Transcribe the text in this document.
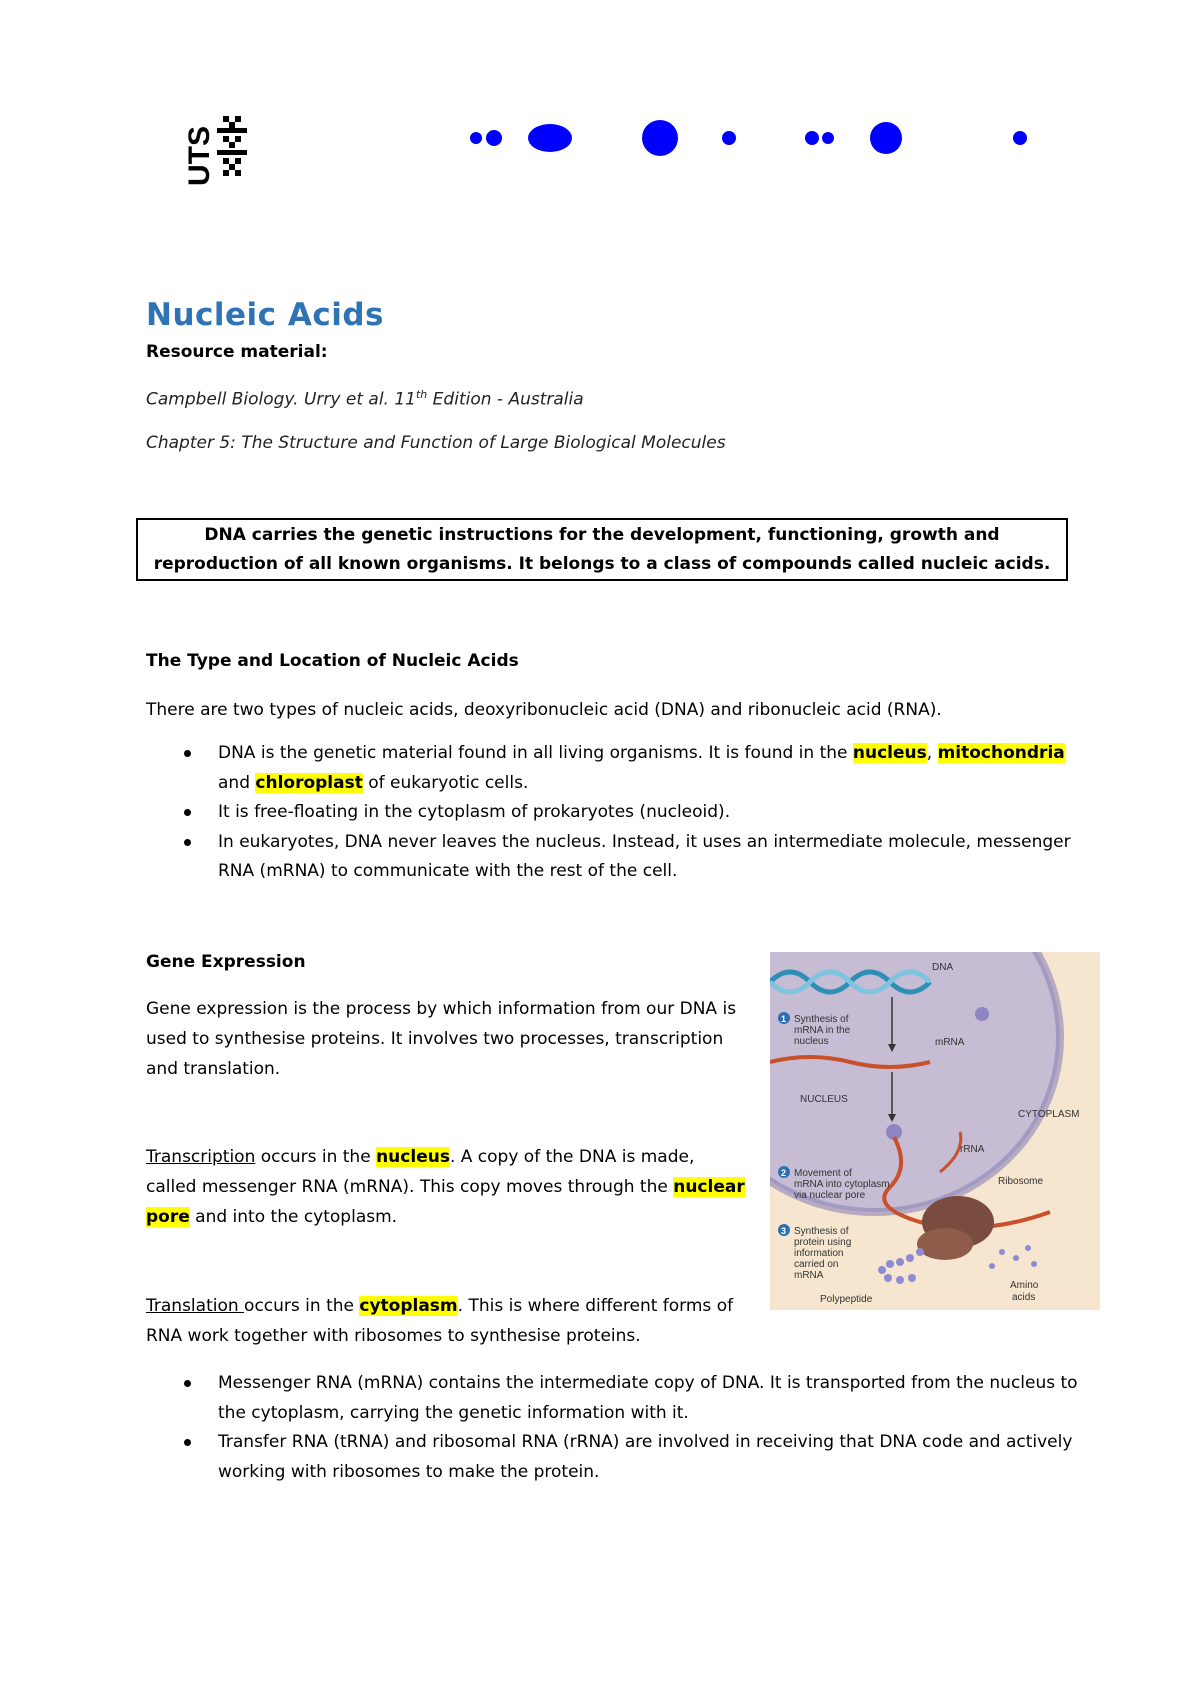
UTS
Nucleic Acids
Resource material:
Campbell Biology. Urry et al. 11th Edition - Australia
Chapter 5: The Structure and Function of Large Biological Molecules
DNA carries the genetic instructions for the development, functioning, growth and reproduction of all known organisms. It belongs to a class of compounds called nucleic acids.
The Type and Location of Nucleic Acids
There are two types of nucleic acids, deoxyribonucleic acid (DNA) and ribonucleic acid (RNA).
DNA is the genetic material found in all living organisms. It is found in the nucleus, mitochondria and chloroplast of eukaryotic cells.
It is free-floating in the cytoplasm of prokaryotes (nucleoid).
In eukaryotes, DNA never leaves the nucleus. Instead, it uses an intermediate molecule, messenger RNA (mRNA) to communicate with the rest of the cell.
Gene Expression
Gene expression is the process by which information from our DNA is used to synthesise proteins. It involves two processes, transcription and translation.
Transcription occurs in the nucleus. A copy of the DNA is made, called messenger RNA (mRNA). This copy moves through the nuclear pore and into the cytoplasm.
Translation occurs in the cytoplasm. This is where different forms of RNA work together with ribosomes to synthesise proteins.
Messenger RNA (mRNA) contains the intermediate copy of DNA. It is transported from the nucleus to the cytoplasm, carrying the genetic information with it.
Transfer RNA (tRNA) and ribosomal RNA (rRNA) are involved in receiving that DNA code and actively working with ribosomes to make the protein.
DNA
1 Synthesis of
mRNA in the
nucleus	mRNA
NUCLEUS
CYTOPLASM
2 Movement of
mRNA into cytoplasm
via nuclear pore
rRNA
Ribosome
3 Synthesis of
protein using
information
carried on
mRNA
Polypeptide
Amino
acids
